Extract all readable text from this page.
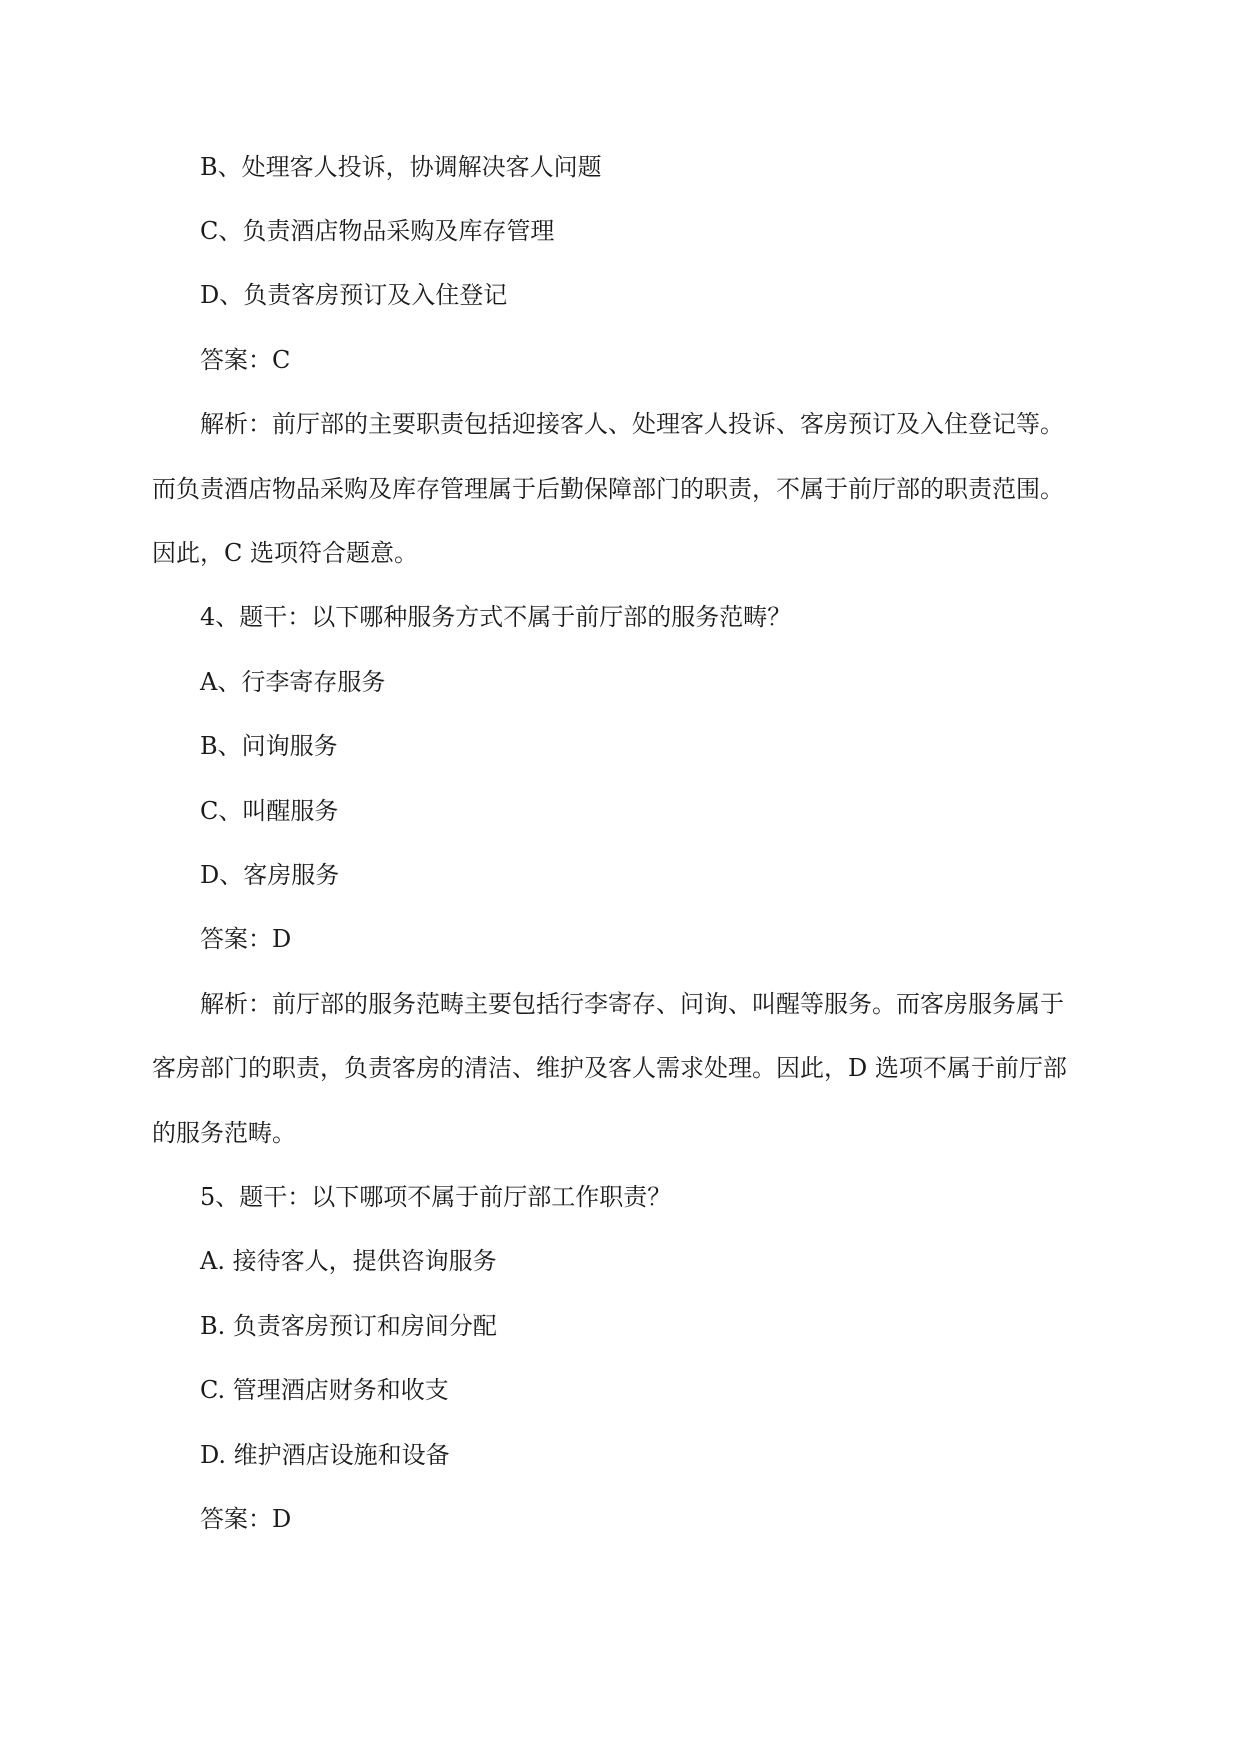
B、处理客人投诉，协调解决客人问题
C、负责酒店物品采购及库存管理
D、负责客房预订及入住登记
答案：C
解析：前厅部的主要职责包括迎接客人、处理客人投诉、客房预订及入住登记等。
而负责酒店物品采购及库存管理属于后勤保障部门的职责，不属于前厅部的职责范围。
因此，C 选项符合题意。
4、题干：以下哪种服务方式不属于前厅部的服务范畴？
A、行李寄存服务
B、问询服务
C、叫醒服务
D、客房服务
答案：D
解析：前厅部的服务范畴主要包括行李寄存、问询、叫醒等服务。而客房服务属于
客房部门的职责，负责客房的清洁、维护及客人需求处理。因此，D 选项不属于前厅部
的服务范畴。
5、题干：以下哪项不属于前厅部工作职责？
A. 接待客人，提供咨询服务
B. 负责客房预订和房间分配
C. 管理酒店财务和收支
D. 维护酒店设施和设备
答案：D
